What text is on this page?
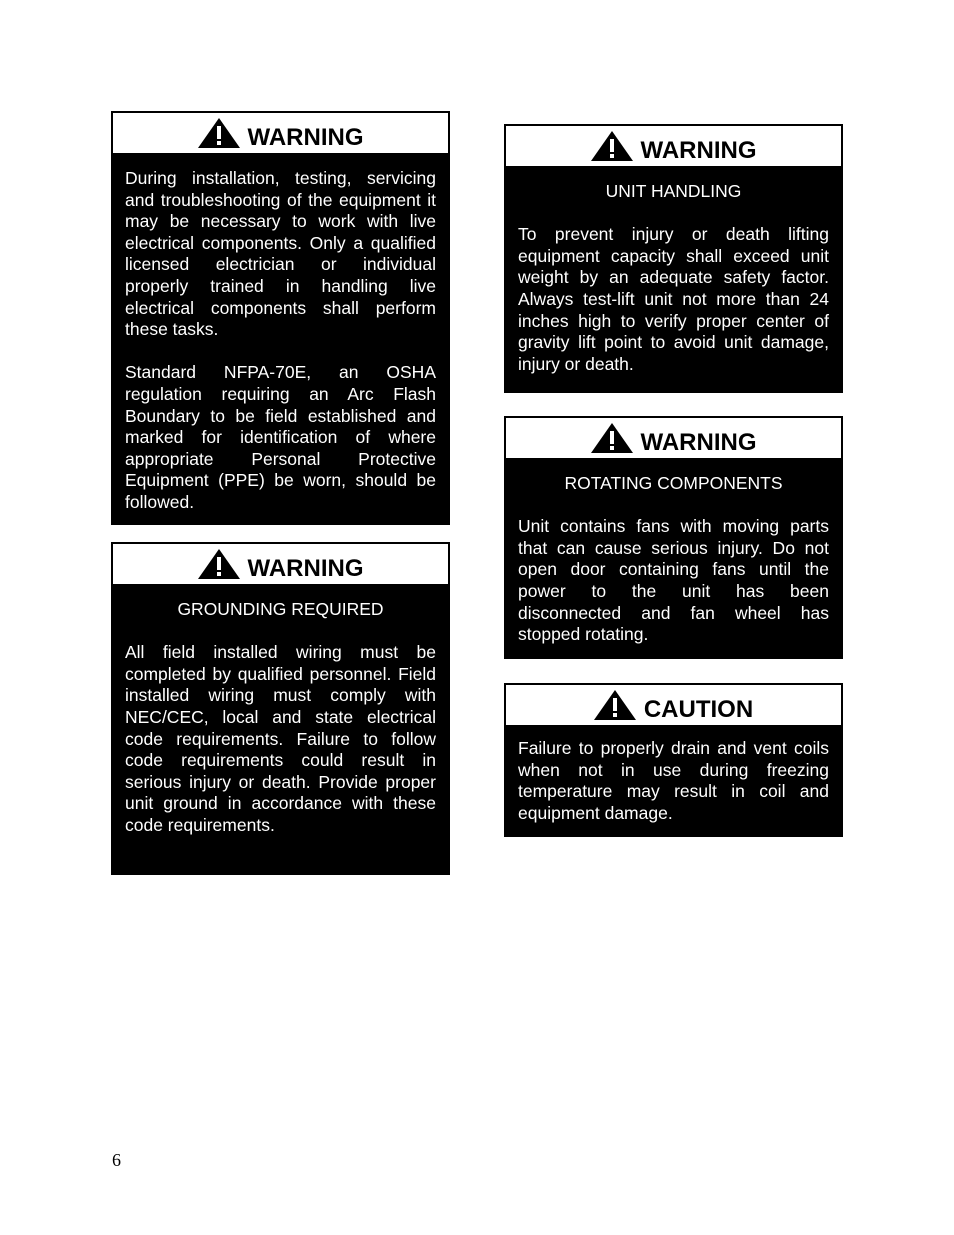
WARNING

During installation, testing, servicing and troubleshooting of the equipment it may be necessary to work with live electrical components. Only a qualified licensed electrician or individual properly trained in handling live electrical components shall perform these tasks.

Standard NFPA-70E, an OSHA regulation requiring an Arc Flash Boundary to be field established and marked for identification of where appropriate Personal Protective Equipment (PPE) be worn, should be followed.

WARNING
GROUNDING REQUIRED

All field installed wiring must be completed by qualified personnel. Field installed wiring must comply with NEC/CEC, local and state electrical code requirements. Failure to follow code requirements could result in serious injury or death. Provide proper unit ground in accordance with these code requirements.

WARNING
UNIT HANDLING

To prevent injury or death lifting equipment capacity shall exceed unit weight by an adequate safety factor. Always test-lift unit not more than 24 inches high to verify proper center of gravity lift point to avoid unit damage, injury or death.

WARNING
ROTATING COMPONENTS

Unit contains fans with moving parts that can cause serious injury. Do not open door containing fans until the power to the unit has been disconnected and fan wheel has stopped rotating.

CAUTION

Failure to properly drain and vent coils when not in use during freezing temperature may result in coil and equipment damage.

6
